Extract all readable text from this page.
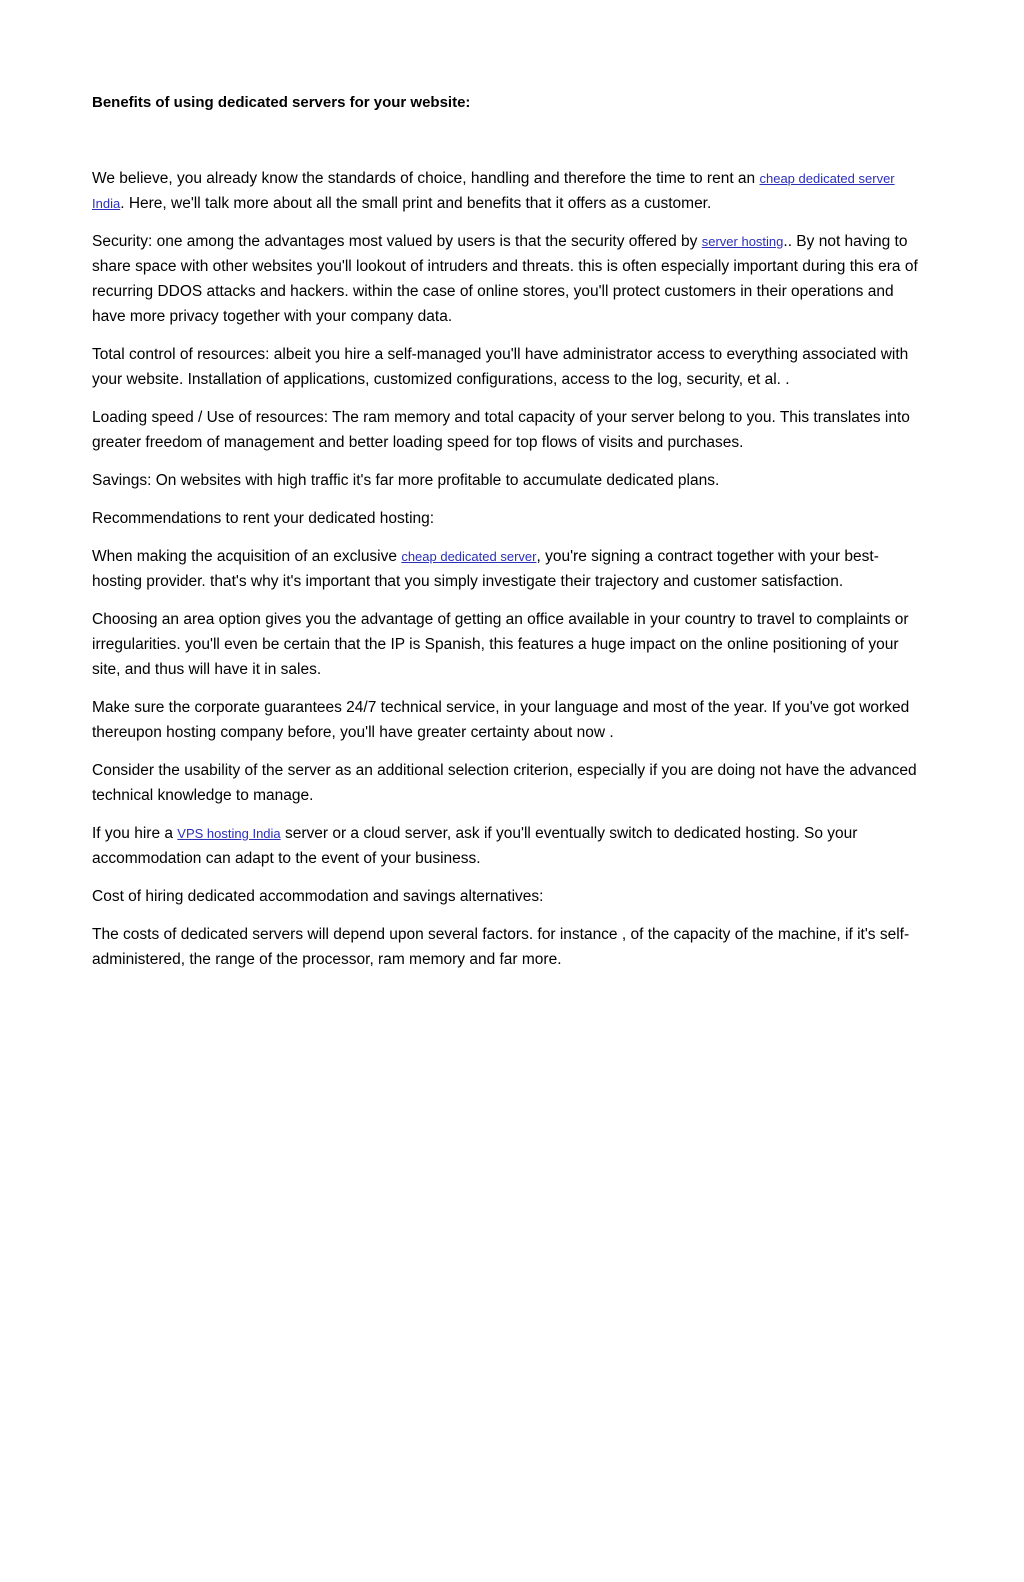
Benefits of using dedicated servers for your website:

We believe, you already know the standards of choice, handling and therefore the time to rent an cheap dedicated server India. Here, we'll talk more about all the small print and benefits that it offers as a customer.

Security: one among the advantages most valued by users is that the security offered by server hosting.. By not having to share space with other websites you'll lookout of intruders and threats. this is often especially important during this era of recurring DDOS attacks and hackers. within the case of online stores, you'll protect customers in their operations and have more privacy together with your company data.

Total control of resources: albeit you hire a self-managed you'll have administrator access to everything associated with your website. Installation of applications, customized configurations, access to the log, security, et al. .

Loading speed / Use of resources: The ram memory and total capacity of your server belong to you. This translates into greater freedom of management and better loading speed for top flows of visits and purchases.

Savings: On websites with high traffic it's far more profitable to accumulate dedicated plans.

Recommendations to rent your dedicated hosting:

When making the acquisition of an exclusive cheap dedicated server, you're signing a contract together with your best-hosting provider. that's why it's important that you simply investigate their trajectory and customer satisfaction.

Choosing an area option gives you the advantage of getting an office available in your country to travel to complaints or irregularities. you'll even be certain that the IP is Spanish, this features a huge impact on the online positioning of your site, and thus will have it in sales.

Make sure the corporate guarantees 24/7 technical service, in your language and most of the year. If you've got worked thereupon hosting company before, you'll have greater certainty about now .

Consider the usability of the server as an additional selection criterion, especially if you are doing not have the advanced technical knowledge to manage.

If you hire a VPS hosting India server or a cloud server, ask if you'll eventually switch to dedicated hosting. So your accommodation can adapt to the event of your business.

Cost of hiring dedicated accommodation and savings alternatives:

The costs of dedicated servers will depend upon several factors. for instance , of the capacity of the machine, if it's self-administered, the range of the processor, ram memory and far more.
